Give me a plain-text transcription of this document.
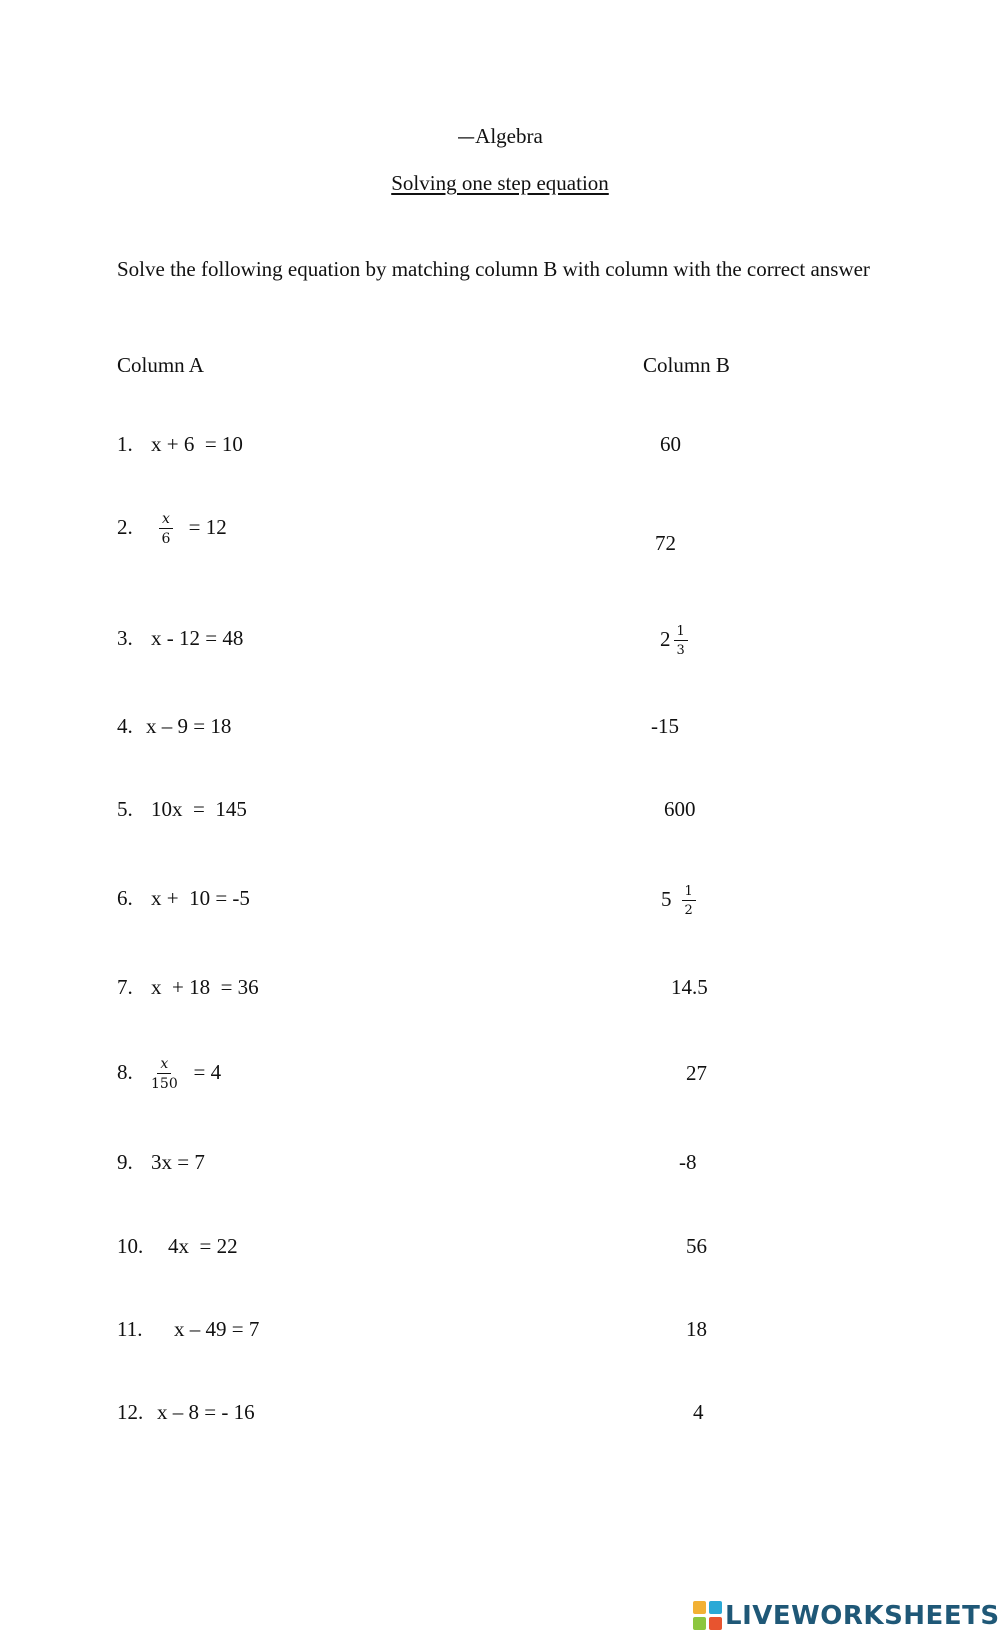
—Algebra
Solving one step equation
Solve the following equation by matching column B with column with the correct answer
Column A	Column B
1. x + 6 = 10
2. $\frac{x}{6} = 12$
3. x - 12 = 48
4. x – 9 = 18
5. 10x =  145
6. x +  10 = -5
7. x  + 18 = 36
8. $\frac{x}{150} = 4$
9. 3x = 7
10. 4x = 22
11. x – 49 = 7
12. x – 8 = - 16
60
72
$2 \frac{1}{3}$
-15
600
$5 \frac{1}{2}$
14.5
27
-8
56
18
4
LIVEWORKSHEETS
